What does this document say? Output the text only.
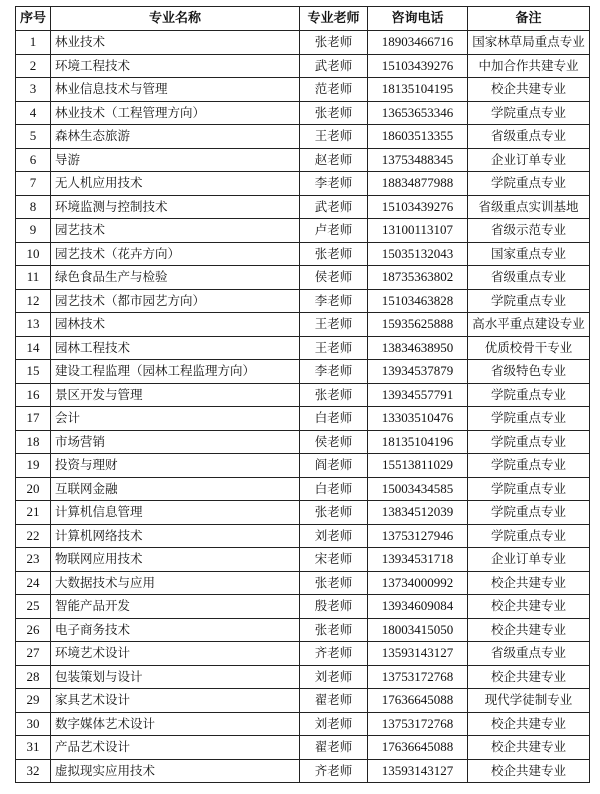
序号	专业名称	专业老师	咨询电话	备注
1	林业技术	张老师	18903466716	国家林草局重点专业
2	环境工程技术	武老师	15103439276	中加合作共建专业
3	林业信息技术与管理	范老师	18135104195	校企共建专业
4	林业技术（工程管理方向）	张老师	13653653346	学院重点专业
5	森林生态旅游	王老师	18603513355	省级重点专业
6	导游	赵老师	13753488345	企业订单专业
7	无人机应用技术	李老师	18834877988	学院重点专业
8	环境监测与控制技术	武老师	15103439276	省级重点实训基地
9	园艺技术	卢老师	13100113107	省级示范专业
10	园艺技术（花卉方向）	张老师	15035132043	国家重点专业
11	绿色食品生产与检验	侯老师	18735363802	省级重点专业
12	园艺技术（都市园艺方向）	李老师	15103463828	学院重点专业
13	园林技术	王老师	15935625888	高水平重点建设专业
14	园林工程技术	王老师	13834638950	优质校骨干专业
15	建设工程监理（园林工程监理方向）	李老师	13934537879	省级特色专业
16	景区开发与管理	张老师	13934557791	学院重点专业
17	会计	白老师	13303510476	学院重点专业
18	市场营销	侯老师	18135104196	学院重点专业
19	投资与理财	阎老师	15513811029	学院重点专业
20	互联网金融	白老师	15003434585	学院重点专业
21	计算机信息管理	张老师	13834512039	学院重点专业
22	计算机网络技术	刘老师	13753127946	学院重点专业
23	物联网应用技术	宋老师	13934531718	企业订单专业
24	大数据技术与应用	张老师	13734000992	校企共建专业
25	智能产品开发	殷老师	13934609084	校企共建专业
26	电子商务技术	张老师	18003415050	校企共建专业
27	环境艺术设计	齐老师	13593143127	省级重点专业
28	包装策划与设计	刘老师	13753172768	校企共建专业
29	家具艺术设计	翟老师	17636645088	现代学徒制专业
30	数字媒体艺术设计	刘老师	13753172768	校企共建专业
31	产品艺术设计	翟老师	17636645088	校企共建专业
32	虚拟现实应用技术	齐老师	13593143127	校企共建专业
